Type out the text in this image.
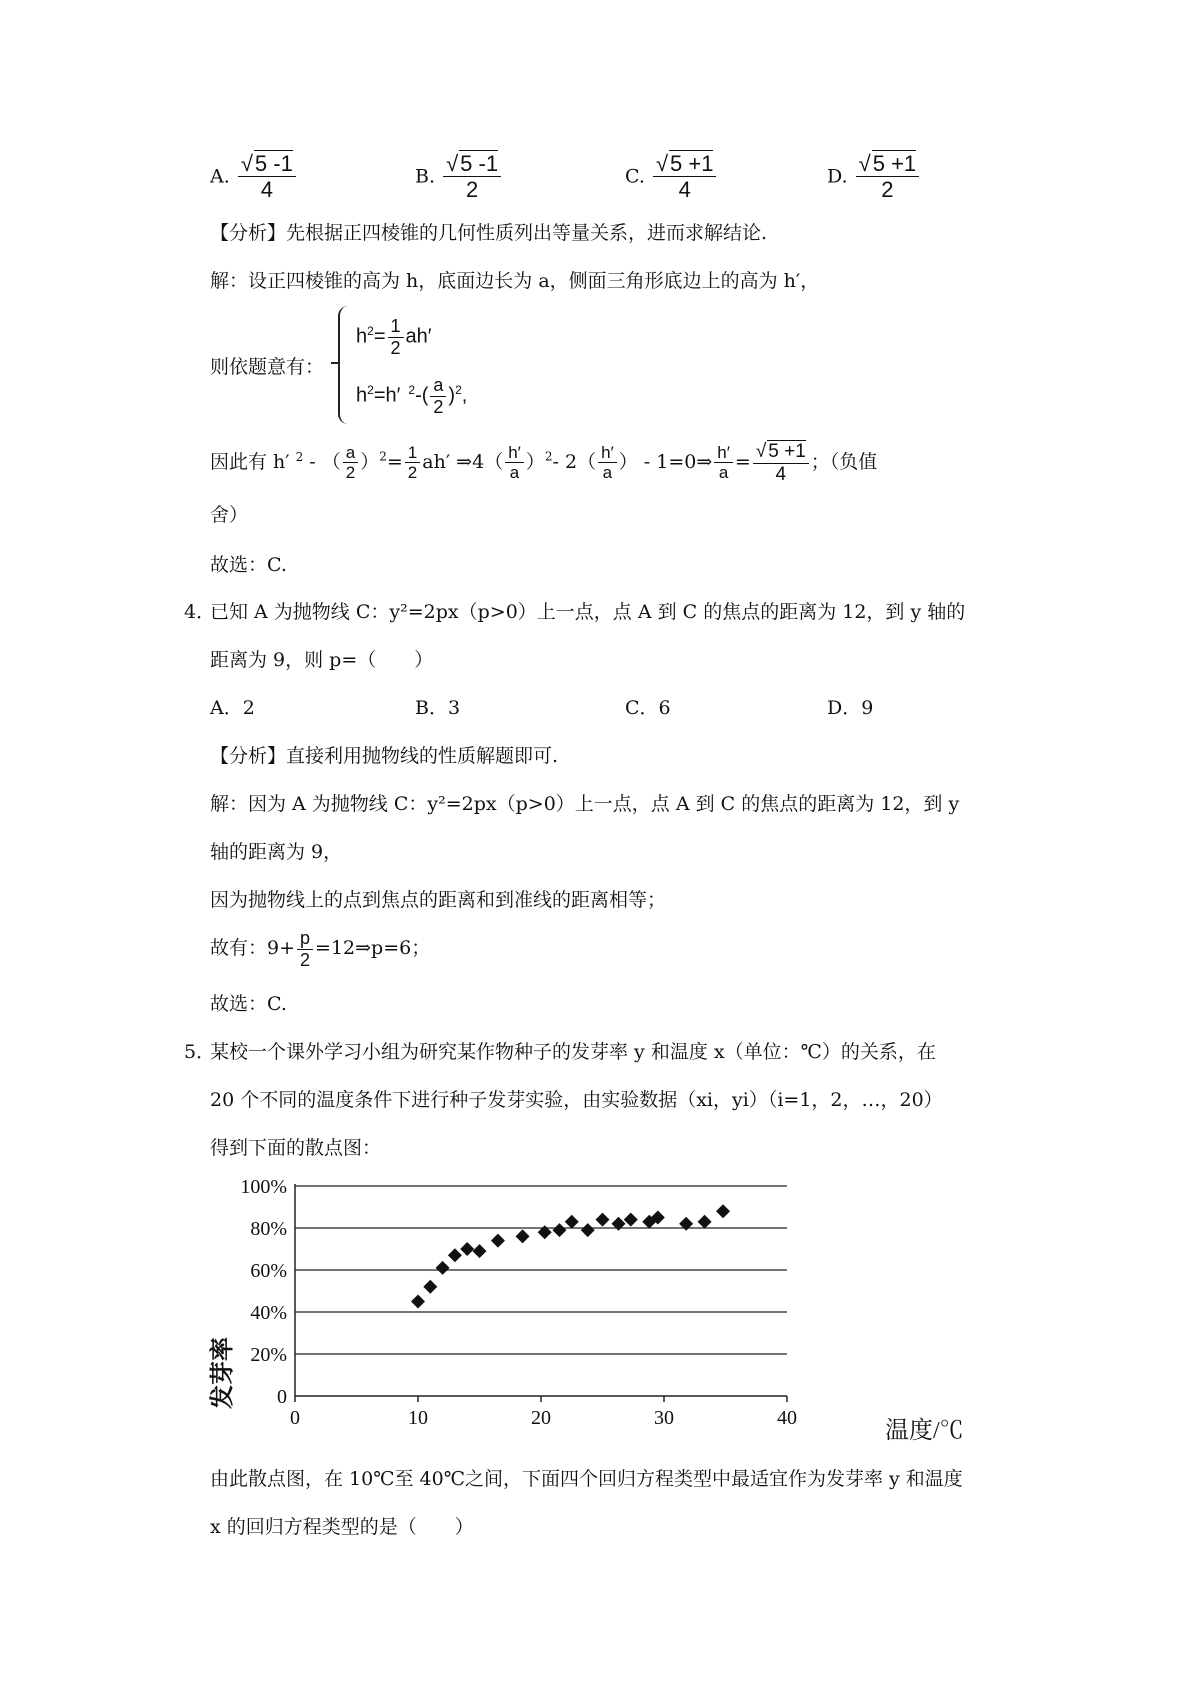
A. $\frac{√5 -1}{4}$	B. $\frac{√5 -1}{2}$	C. $\frac{√5 +1}{4}$	D. $\frac{√5 +1}{2}$
【分析】先根据正四棱锥的几何性质列出等量关系，进而求解结论.
解：设正四棱锥的高为 h，底面边长为 a，侧面三角形底边上的高为 h′，
则依题意有：
$h^2= \frac{1}{2} ah'$
$h^2=h'$ $^2-( \frac{a}{2} )^2$,
因此有 h′ $^2$ - （ $\frac{a}{2} )^2= \frac{1}{2} ah'$ ⇒4（ $\frac{h'}{a} )^2-$ $2( \frac{h'}{a}$ ） - 1=0⇒ $\frac{h'}{a} = \frac{√ 5 +1}{4}$ ；（负值
舍）
故选：C.
4．
已知 A 为抛物线 C：y²=2px（p>0）上一点，点 A 到 C 的焦点的距离为 12，到 y 轴的
距离为 9，则 p=（　　）
A．2	B．3	C．6	D．9
【分析】直接利用抛物线的性质解题即可.
解：因为 A 为抛物线 C：y²=2px（p>0）上一点，点 A 到 C 的焦点的距离为 12，到 y
轴的距离为 9，
因为抛物线上的点到焦点的距离和到准线的距离相等；
故有：$9+ \frac{p}{2}$ =12⇒p=6；
故选：C.
5．
某校一个课外学习小组为研究某作物种子的发芽率 y 和温度 x（单位：℃）的关系，在
20 个不同的温度条件下进行种子发芽实验，由实验数据（xi，yi）（i=1，2，…，20）
得到下面的散点图：
0
20%
40%
60%
80%
100%
0	10	20	30	40
发芽率
温度/℃
由此散点图，在 10℃至 40℃之间，下面四个回归方程类型中最适宜作为发芽率 y 和温度
x 的回归方程类型的是（　　）
